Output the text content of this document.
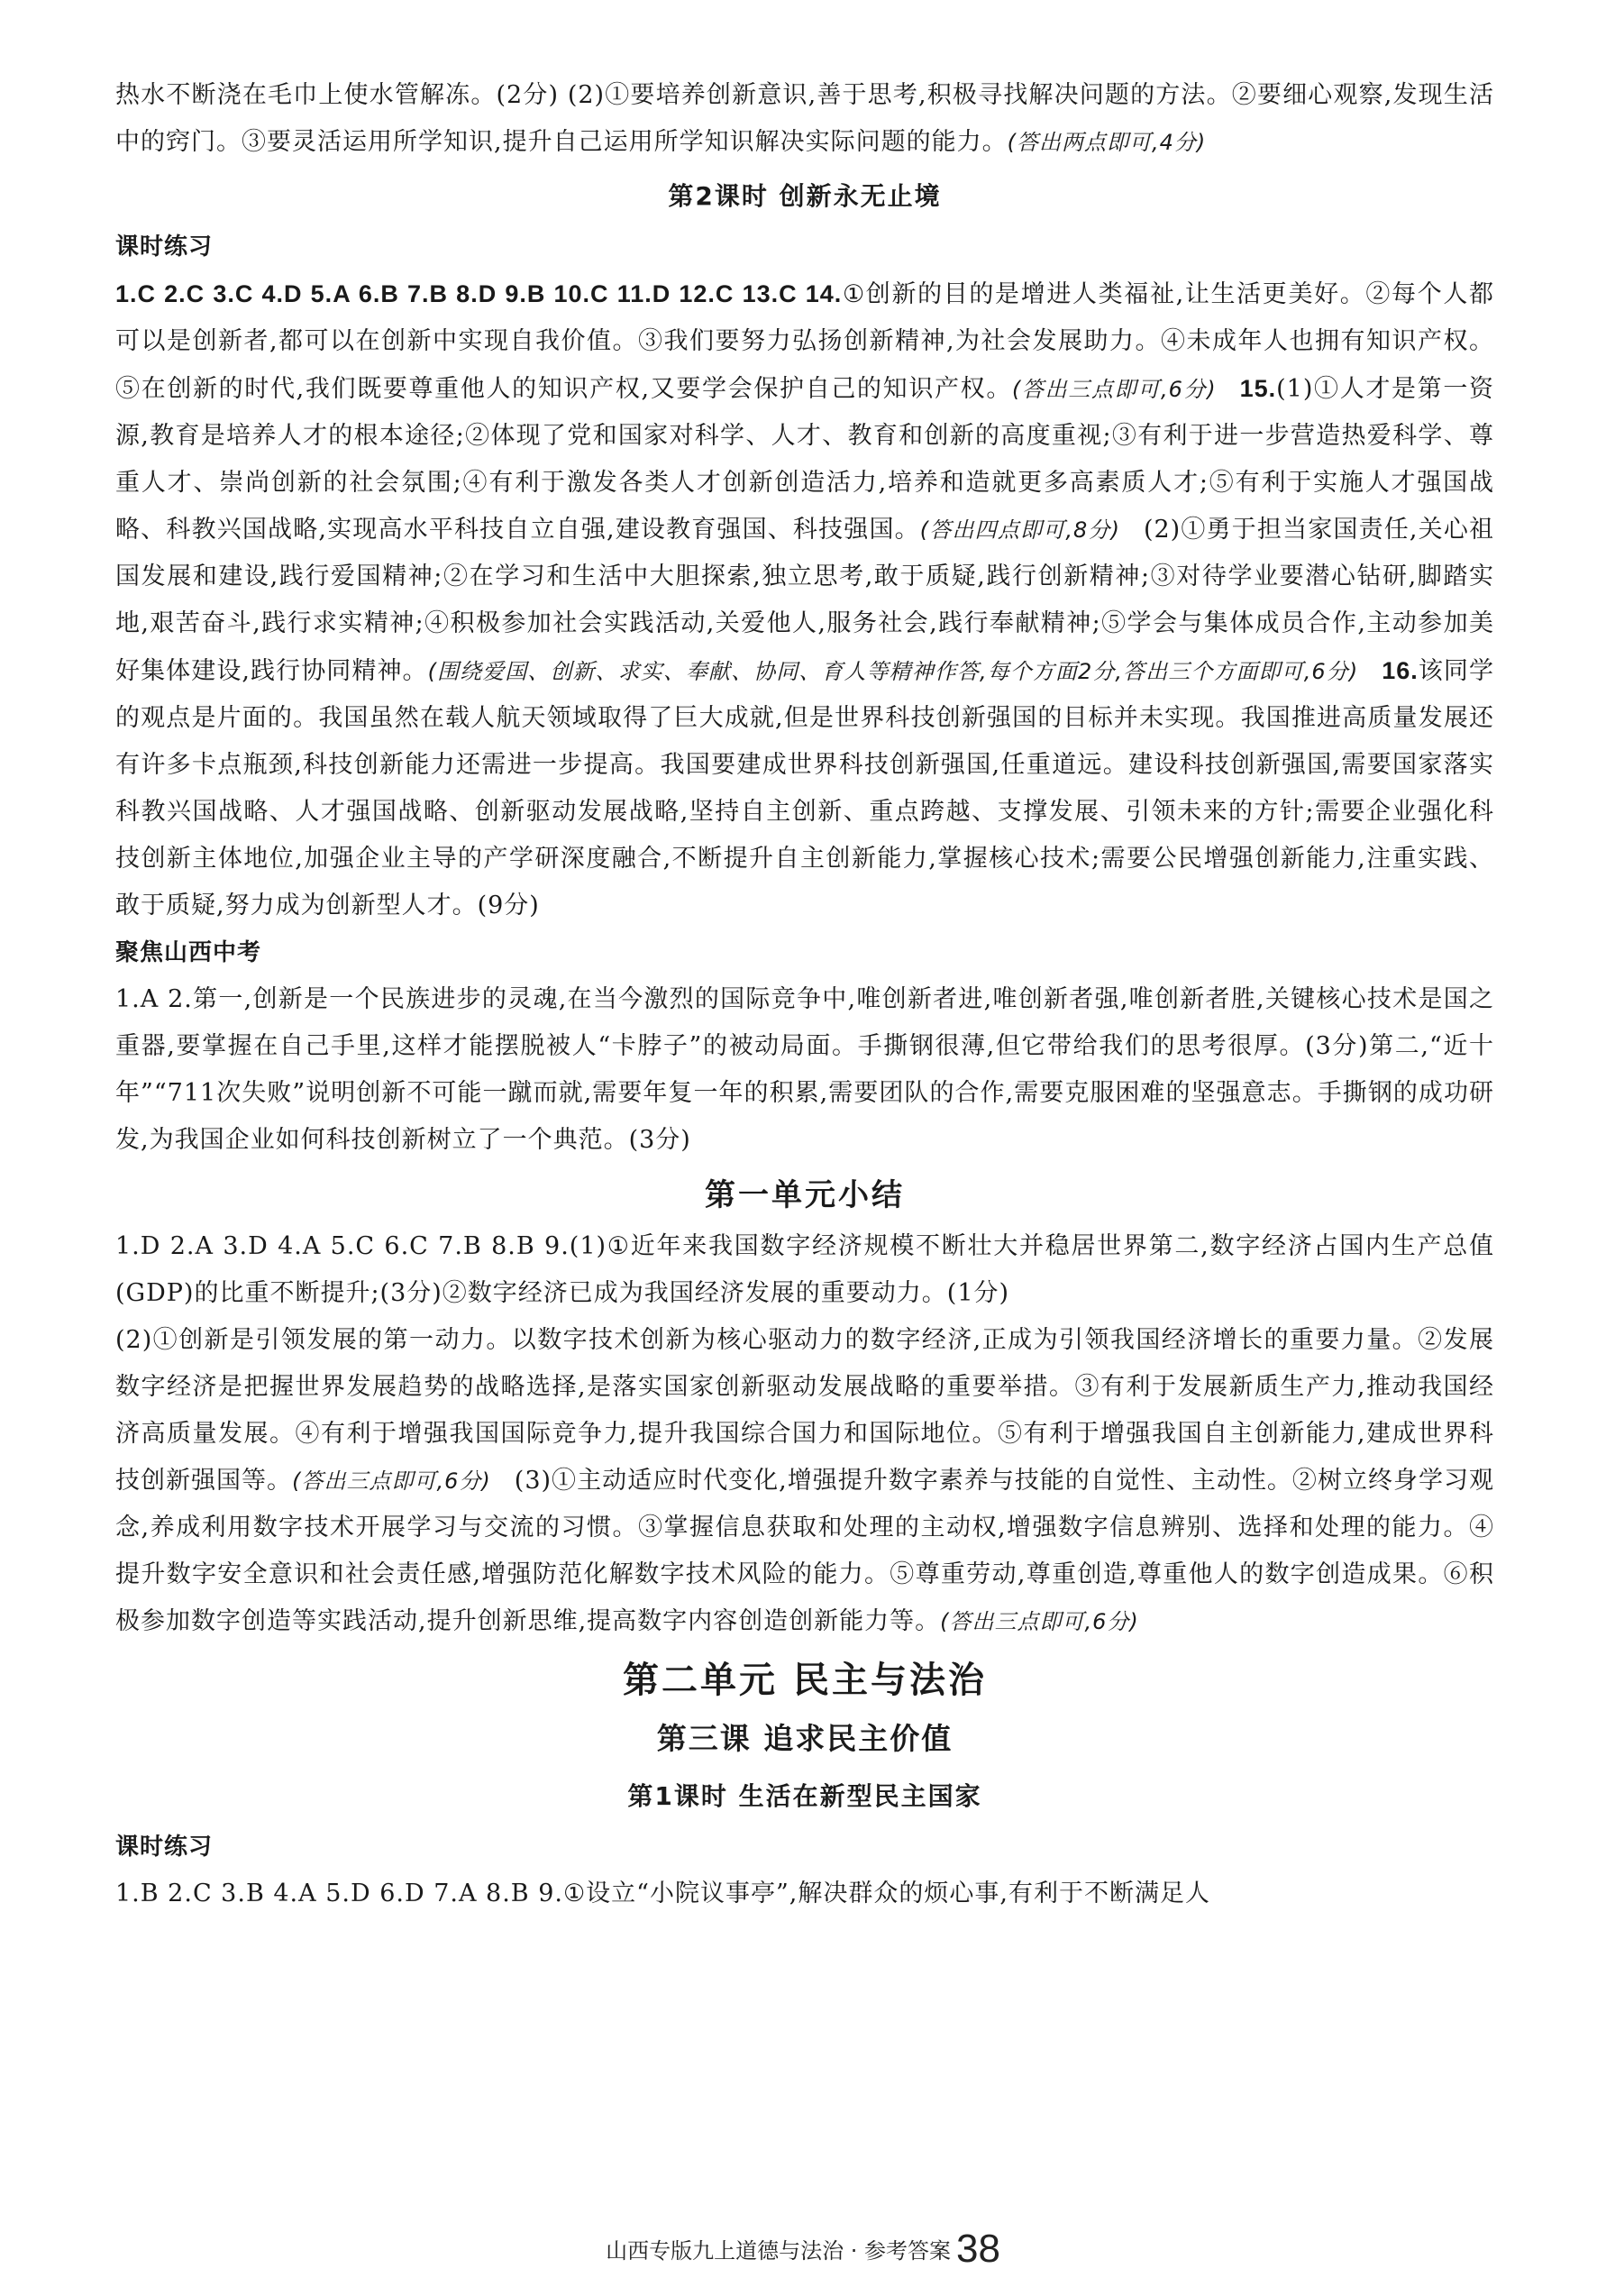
热水不断浇在毛巾上使水管解冻。(2分) (2)①要培养创新意识,善于思考,积极寻找解决问题的方法。②要细心观察,发现生活中的窍门。③要灵活运用所学知识,提升自己运用所学知识解决实际问题的能力。(答出两点即可,4分)

第2课时 创新永无止境

课时练习

1.C 2.C 3.C 4.D 5.A 6.B 7.B 8.D 9.B 10.C 11.D 12.C 13.C 14.①创新的目的是增进人类福祉,让生活更美好。②每个人都可以是创新者,都可以在创新中实现自我价值。③我们要努力弘扬创新精神,为社会发展助力。④未成年人也拥有知识产权。⑤在创新的时代,我们既要尊重他人的知识产权,又要学会保护自己的知识产权。(答出三点即可,6分) 15.(1)①人才是第一资源,教育是培养人才的根本途径;②体现了党和国家对科学、人才、教育和创新的高度重视;③有利于进一步营造热爱科学、尊重人才、崇尚创新的社会氛围;④有利于激发各类人才创新创造活力,培养和造就更多高素质人才;⑤有利于实施人才强国战略、科教兴国战略,实现高水平科技自立自强,建设教育强国、科技强国。(答出四点即可,8分) (2)①勇于担当家国责任,关心祖国发展和建设,践行爱国精神;②在学习和生活中大胆探索,独立思考,敢于质疑,践行创新精神;③对待学业要潜心钻研,脚踏实地,艰苦奋斗,践行求实精神;④积极参加社会实践活动,关爱他人,服务社会,践行奉献精神;⑤学会与集体成员合作,主动参加美好集体建设,践行协同精神。(围绕爱国、创新、求实、奉献、协同、育人等精神作答,每个方面2分,答出三个方面即可,6分) 16.该同学的观点是片面的。我国虽然在载人航天领域取得了巨大成就,但是世界科技创新强国的目标并未实现。我国推进高质量发展还有许多卡点瓶颈,科技创新能力还需进一步提高。我国要建成世界科技创新强国,任重道远。建设科技创新强国,需要国家落实科教兴国战略、人才强国战略、创新驱动发展战略,坚持自主创新、重点跨越、支撑发展、引领未来的方针;需要企业强化科技创新主体地位,加强企业主导的产学研深度融合,不断提升自主创新能力,掌握核心技术;需要公民增强创新能力,注重实践、敢于质疑,努力成为创新型人才。(9分)

聚焦山西中考

1.A 2.第一,创新是一个民族进步的灵魂,在当今激烈的国际竞争中,唯创新者进,唯创新者强,唯创新者胜,关键核心技术是国之重器,要掌握在自己手里,这样才能摆脱被人“卡脖子”的被动局面。手撕钢很薄,但它带给我们的思考很厚。(3分)第二,“近十年”“711次失败”说明创新不可能一蹴而就,需要年复一年的积累,需要团队的合作,需要克服困难的坚强意志。手撕钢的成功研发,为我国企业如何科技创新树立了一个典范。(3分)

第一单元小结

1.D 2.A 3.D 4.A 5.C 6.C 7.B 8.B 9.(1)①近年来我国数字经济规模不断壮大并稳居世界第二,数字经济占国内生产总值(GDP)的比重不断提升;(3分)②数字经济已成为我国经济发展的重要动力。(1分)

(2)①创新是引领发展的第一动力。以数字技术创新为核心驱动力的数字经济,正成为引领我国经济增长的重要力量。②发展数字经济是把握世界发展趋势的战略选择,是落实国家创新驱动发展战略的重要举措。③有利于发展新质生产力,推动我国经济高质量发展。④有利于增强我国国际竞争力,提升我国综合国力和国际地位。⑤有利于增强我国自主创新能力,建成世界科技创新强国等。(答出三点即可,6分) (3)①主动适应时代变化,增强提升数字素养与技能的自觉性、主动性。②树立终身学习观念,养成利用数字技术开展学习与交流的习惯。③掌握信息获取和处理的主动权,增强数字信息辨别、选择和处理的能力。④提升数字安全意识和社会责任感,增强防范化解数字技术风险的能力。⑤尊重劳动,尊重创造,尊重他人的数字创造成果。⑥积极参加数字创造等实践活动,提升创新思维,提高数字内容创造创新能力等。(答出三点即可,6分)

第二单元 民主与法治
第三课 追求民主价值
第1课时 生活在新型民主国家

课时练习

1.B 2.C 3.B 4.A 5.D 6.D 7.A 8.B 9.①设立“小院议事亭”,解决群众的烦心事,有利于不断满足人

山西专版九上道德与法治 · 参考答案 38
